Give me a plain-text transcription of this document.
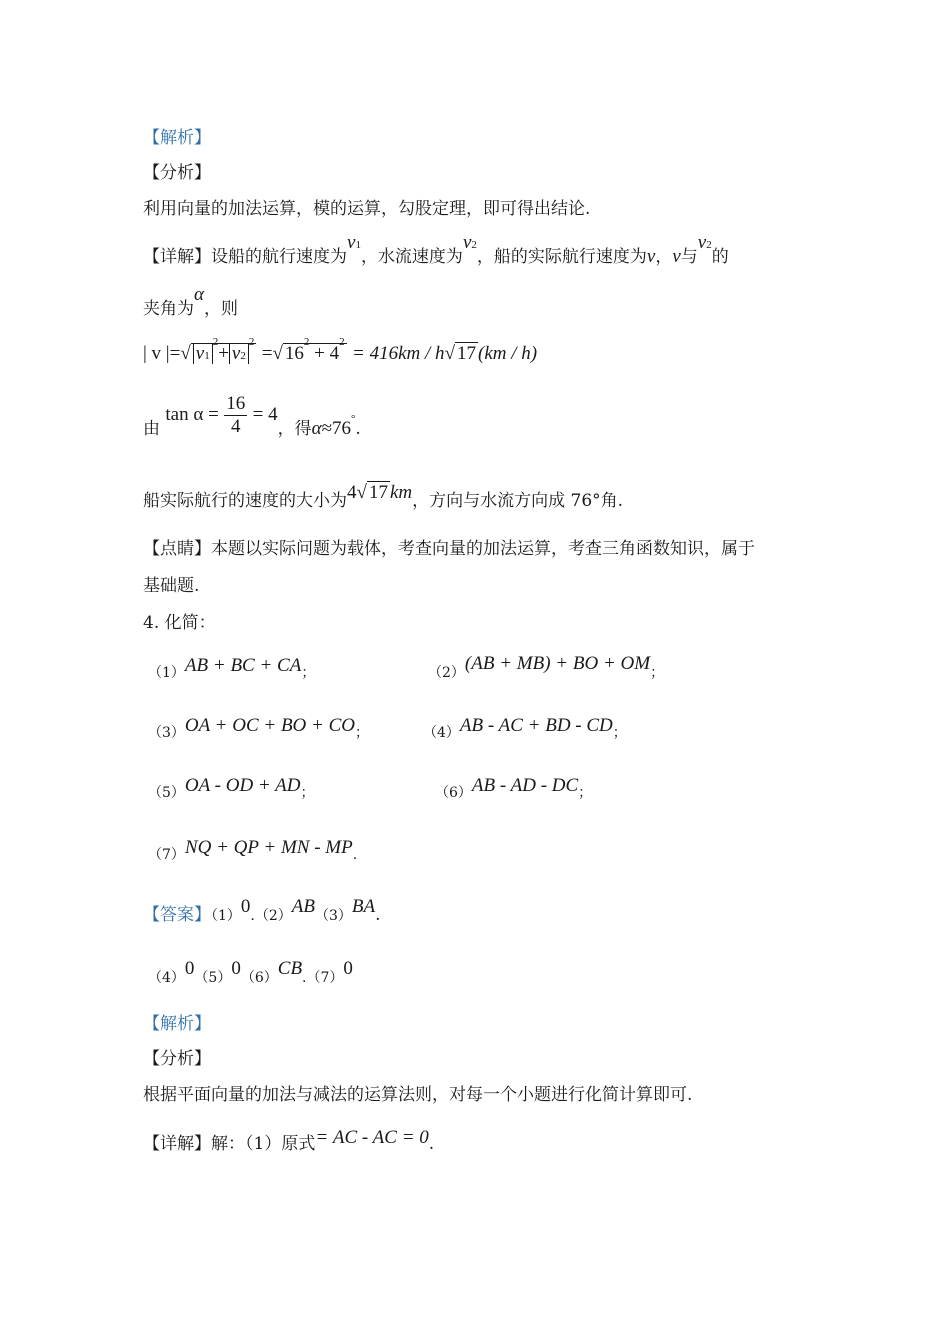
【解析】
【分析】
利用向量的加法运算，模的运算，勾股定理，即可得出结论.
【详解】设船的航行速度为v1，水流速度为v2，船的实际航行速度为v，v与v2的
夹角为α，则
| v |=√ $v1^2+ v2^2$ =√ $16^2 + 4^2 = 416km / h√$ 17 (km / h)
由 $\tan \alpha = \frac{16}{4} = 4$，得α≈76°.
船实际航行的速度的大小为4√ 17 km，方向与水流方向成 76°角.
【点睛】本题以实际问题为载体，考查向量的加法运算，考查三角函数知识，属于
基础题.
4. 化简：
（1）AB + BC + CA；	（2）(AB + MB) + BO + OM；
（3）OA + OC + BO + CO；	（4）AB - AC + BD - CD；
（5）OA - OD + AD；	（6）AB - AD - DC；
（7）NQ + QP + MN - MP.
【答案】（1）0.（2）AB（3）BA.
（4）0（5）0（6）CB.（7）0
【解析】
【分析】
根据平面向量的加法与减法的运算法则，对每一个小题进行化简计算即可.
【详解】解：（1）原式= AC - AC = 0.
